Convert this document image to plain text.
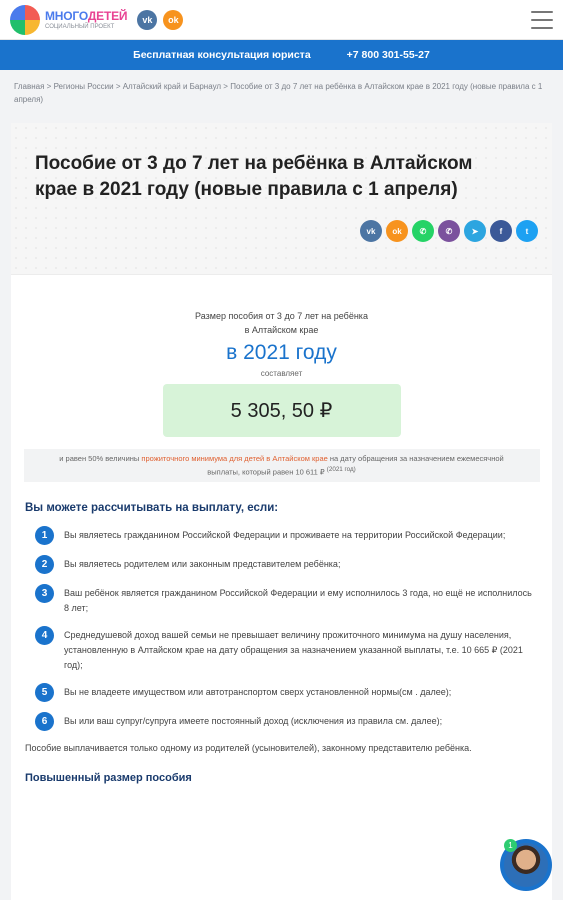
МНОГОДЕТЕЙ
СОЦИАЛЬНЫЙ ПРОЕКТ
vk	ok
Бесплатная консультация юриста	+7 800 301-55-27
Главная > Регионы России > Алтайский край и Барнаул > Пособие от 3 до 7 лет на ребёнка в Алтайском крае в 2021 году (новые правила с 1 апреля)
Пособие от 3 до 7 лет на ребёнка в Алтайском крае в 2021 году (новые правила с 1 апреля)
vk	ok	✆	✆	➤	f	t
Размер пособия от 3 до 7 лет на ребёнка
в Алтайском крае
в 2021 году
составляет
5 305, 50 ₽
и равен 50% величины прожиточного минимума для детей в Алтайском крае на дату обращения за назначением ежемесячной выплаты, который равен 10 611 ₽ $^{(2021 год)}$
Вы можете рассчитывать на выплату, если:
1	Вы являетесь гражданином Российской Федерации и проживаете на территории Российской Федерации;

2	Вы являетесь родителем или законным представителем ребёнка;

3	Ваш ребёнок является гражданином Российской Федерации и ему исполнилось 3 года, но ещё не исполнилось 8 лет;

4	Среднедушевой доход вашей семьи не превышает величину прожиточного минимума на душу населения, установленную в Алтайском крае на дату обращения за назначением указанной выплаты, т.е. 10 665 ₽ (2021 год);

5	Вы не владеете имуществом или автотранспортом сверх установленной нормы(см . далее);

6	Вы или ваш супруг/супруга имеете постоянный доход (исключения из правила см. далее);

Пособие выплачивается только одному из родителей (усыновителей), законному представителю ребёнка.

Повышенный размер пособия

1
